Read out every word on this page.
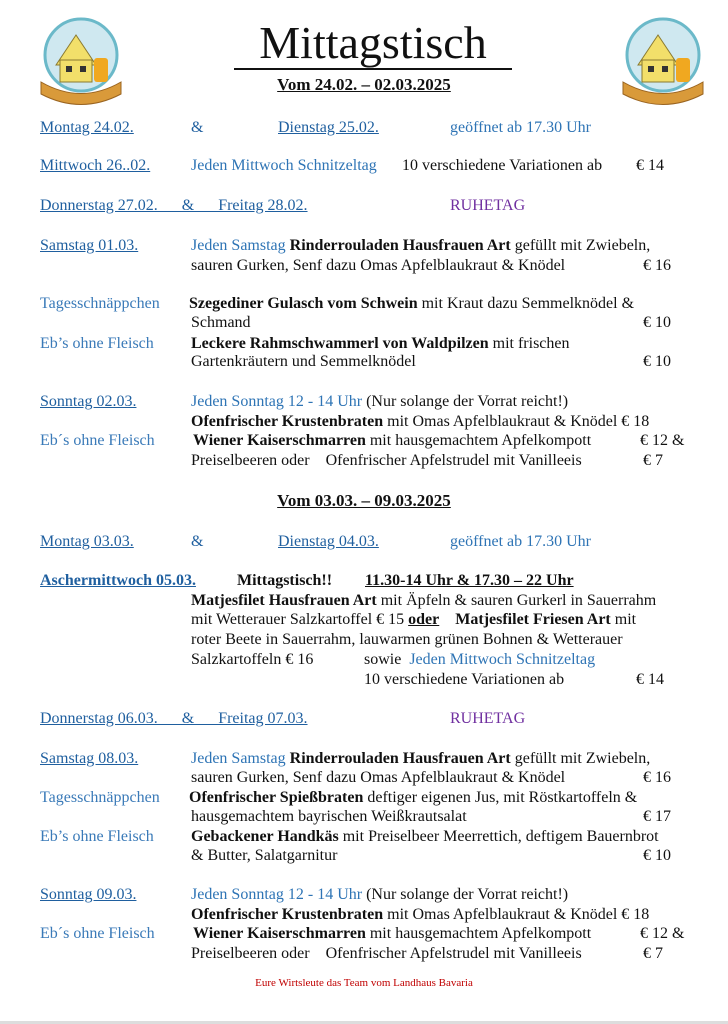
Mittagstisch
Vom 24.02. – 02.03.2025
Montag 24.02.	&	Dienstag 25.02.	geöffnet ab 17.30 Uhr
Mittwoch 26..02.	Jeden Mittwoch Schnitzeltag 10 verschiedene Variationen ab € 14
Donnerstag 27.02.      &      Freitag 28.02.	RUHETAG
Samstag 01.03.	Jeden Samstag Rinderrouladen Hausfrauen Art gefüllt mit Zwiebeln,
sauren Gurken, Senf dazu Omas Apfelblaukraut & Knödel	€ 16
Tagesschnäppchen Szegediner Gulasch vom Schwein mit Kraut dazu Semmelknödel &
Schmand	€ 10
Eb’s ohne Fleisch Leckere Rahmschwammerl von Waldpilzen mit frischen
Gartenkräutern und Semmelknödel	€ 10
Sonntag 02.03.	Jeden Sonntag 12 - 14 Uhr (Nur solange der Vorrat reicht!)
Ofenfrischer Krustenbraten mit Omas Apfelblaukraut & Knödel € 18
Eb´s ohne Fleisch Wiener Kaiserschmarren mit hausgemachtem Apfelkompott	€ 12 &
Preiselbeeren oder    Ofenfrischer Apfelstrudel mit Vanilleeis	€ 7
Vom 03.03. – 09.03.2025
Montag 03.03.	&	Dienstag 04.03.	geöffnet ab 17.30 Uhr
Aschermittwoch 05.03.	Mittagstisch!! 11.30-14 Uhr & 17.30 – 22 Uhr
Matjesfilet Hausfrauen Art mit Äpfeln & sauren Gurkerl in Sauerrahm
mit Wetterauer Salzkartoffel € 15 oder Matjesfilet Friesen Art mit
roter Beete in Sauerrahm, lauwarmen grünen Bohnen & Wetterauer
Salzkartoffeln € 16	sowie  Jeden Mittwoch Schnitzeltag
10 verschiedene Variationen ab	€ 14
Donnerstag 06.03.      &      Freitag 07.03.	RUHETAG
Samstag 08.03.	Jeden Samstag Rinderrouladen Hausfrauen Art gefüllt mit Zwiebeln,
sauren Gurken, Senf dazu Omas Apfelblaukraut & Knödel	€ 16
Tagesschnäppchen Ofenfrischer Spießbraten deftiger eigenen Jus, mit Röstkartoffeln &
hausgemachtem bayrischen Weißkrautsalat	€ 17
Eb’s ohne Fleisch Gebackener Handkäs mit Preiselbeer Meerrettich, deftigem Bauernbrot
& Butter, Salatgarnitur	€ 10
Sonntag 09.03.	Jeden Sonntag 12 - 14 Uhr (Nur solange der Vorrat reicht!)
Ofenfrischer Krustenbraten mit Omas Apfelblaukraut & Knödel € 18
Eb´s ohne Fleisch Wiener Kaiserschmarren mit hausgemachtem Apfelkompott	€ 12 &
Preiselbeeren oder    Ofenfrischer Apfelstrudel mit Vanilleeis	€ 7
Eure Wirtsleute das Team vom Landhaus Bavaria
